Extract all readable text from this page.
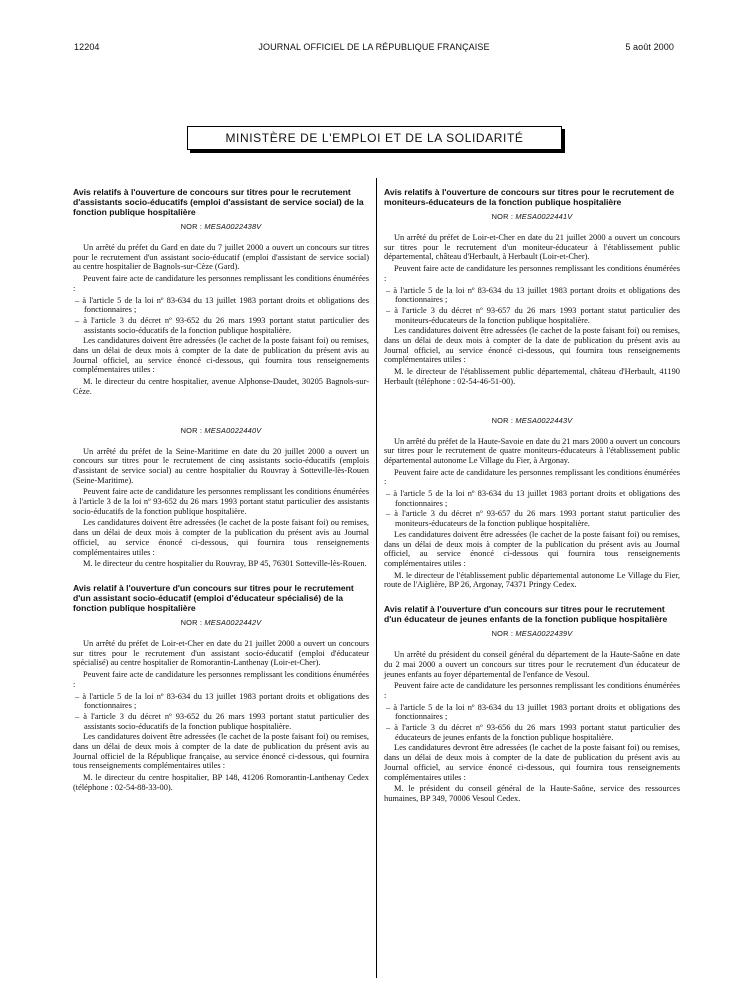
12204	JOURNAL OFFICIEL DE LA RÉPUBLIQUE FRANÇAISE	5 août 2000
MINISTÈRE DE L'EMPLOI ET DE LA SOLIDARITÉ
Avis relatifs à l'ouverture de concours sur titres pour le recrutement d'assistants socio-éducatifs (emploi d'assistant de service social) de la fonction publique hospitalière
NOR : MESA0022438V

Un arrêté du préfet du Gard en date du 7 juillet 2000 a ouvert un concours sur titres pour le recrutement d'un assistant socio-éducatif (emploi d'assistant de service social) au centre hospitalier de Bagnols-sur-Cèze (Gard).

Peuvent faire acte de candidature les personnes remplissant les conditions énumérées :

– à l'article 5 de la loi nº 83-634 du 13 juillet 1983 portant droits et obligations des fonctionnaires ;

– à l'article 3 du décret nº 93-652 du 26 mars 1993 portant statut particulier des assistants socio-éducatifs de la fonction publique hospitalière.

Les candidatures doivent être adressées (le cachet de la poste faisant foi) ou remises, dans un délai de deux mois à compter de la date de publication du présent avis au Journal officiel, au service énoncé ci-dessous, qui fournira tous renseignements complémentaires utiles :

M. le directeur du centre hospitalier, avenue Alphonse-Daudet, 30205 Bagnols-sur-Cèze.

NOR : MESA0022440V

Un arrêté du préfet de la Seine-Maritime en date du 20 juillet 2000 a ouvert un concours sur titres pour le recrutement de cinq assistants socio-éducatifs (emplois d'assistant de service social) au centre hospitalier du Rouvray à Sotteville-lès-Rouen (Seine-Maritime).

Peuvent faire acte de candidature les personnes remplissant les conditions énumérées à l'article 3 de la loi nº 93-652 du 26 mars 1993 portant statut particulier des assistants socio-éducatifs de la fonction publique hospitalière.

Les candidatures doivent être adressées (le cachet de la poste faisant foi) ou remises, dans un délai de deux mois à compter de la publication du présent avis au Journal officiel, au service énoncé ci-dessous, qui fournira tous renseignements complémentaires utiles :

M. le directeur du centre hospitalier du Rouvray, BP 45, 76301 Sotteville-lès-Rouen.

Avis relatif à l'ouverture d'un concours sur titres pour le recrutement d'un assistant socio-éducatif (emploi d'éducateur spécialisé) de la fonction publique hospitalière
NOR : MESA0022442V

Un arrêté du préfet de Loir-et-Cher en date du 21 juillet 2000 a ouvert un concours sur titres pour le recrutement d'un assistant socio-éducatif (emploi d'éducateur spécialisé) au centre hospitalier de Romorantin-Lanthenay (Loir-et-Cher).

Peuvent faire acte de candidature les personnes remplissant les conditions énumérées :

– à l'article 5 de la loi nº 83-634 du 13 juillet 1983 portant droits et obligations des fonctionnaires ;

– à l'article 3 du décret nº 93-652 du 26 mars 1993 portant statut particulier des assistants socio-éducatifs de la fonction publique hospitalière.

Les candidatures doivent être adressées (le cachet de la poste faisant foi) ou remises, dans un délai de deux mois à compter de la date de publication du présent avis au Journal officiel de la République française, au service énoncé ci-dessous, qui fournira tous renseignements complémentaires utiles :

M. le directeur du centre hospitalier, BP 148, 41206 Romorantin-Lanthenay Cedex (téléphone : 02-54-88-33-00).

Avis relatifs à l'ouverture de concours sur titres pour le recrutement de moniteurs-éducateurs de la fonction publique hospitalière
NOR : MESA0022441V

Un arrêté du préfet de Loir-et-Cher en date du 21 juillet 2000 a ouvert un concours sur titres pour le recrutement d'un moniteur-éducateur à l'établissement public départemental, château d'Herbault, à Herbault (Loir-et-Cher).

Peuvent faire acte de candidature les personnes remplissant les conditions énumérées :

– à l'article 5 de la loi nº 83-634 du 13 juillet 1983 portant droits et obligations des fonctionnaires ;

– à l'article 3 du décret nº 93-657 du 26 mars 1993 portant statut particulier des moniteurs-éducateurs de la fonction publique hospitalière.

Les candidatures doivent être adressées (le cachet de la poste faisant foi) ou remises, dans un délai de deux mois à compter de la date de publication du présent avis au Journal officiel, au service énoncé ci-dessous, qui fournira tous renseignements complémentaires utiles :

M. le directeur de l'établissement public départemental, château d'Herbault, 41190 Herbault (téléphone : 02-54-46-51-00).

NOR : MESA0022443V

Un arrêté du préfet de la Haute-Savoie en date du 21 mars 2000 a ouvert un concours sur titres pour le recrutement de quatre moniteurs-éducateurs à l'établissement public départemental autonome Le Village du Fier, à Argonay.

Peuvent faire acte de candidature les personnes remplissant les conditions énumérées :

– à l'article 5 de la loi nº 83-634 du 13 juillet 1983 portant droits et obligations des fonctionnaires ;

– à l'article 3 du décret nº 93-657 du 26 mars 1993 portant statut particulier des moniteurs-éducateurs de la fonction publique hospitalière.

Les candidatures doivent être adressées (le cachet de la poste faisant foi) ou remises, dans un délai de deux mois à compter de la publication du présent avis au Journal officiel, au service énoncé ci-dessous qui fournira tous renseignements complémentaires utiles :

M. le directeur de l'établissement public départemental autonome Le Village du Fier, route de l'Aiglière, BP 26, Argonay, 74371 Pringy Cedex.

Avis relatif à l'ouverture d'un concours sur titres pour le recrutement d'un éducateur de jeunes enfants de la fonction publique hospitalière
NOR : MESA0022439V

Un arrêté du président du conseil général du département de la Haute-Saône en date du 2 mai 2000 a ouvert un concours sur titres pour le recrutement d'un éducateur de jeunes enfants au foyer départemental de l'enfance de Vesoul.

Peuvent faire acte de candidature les personnes remplissant les conditions énumérées :

– à l'article 5 de la loi nº 83-634 du 13 juillet 1983 portant droits et obligations des fonctionnaires ;

– à l'article 3 du décret nº 93-656 du 26 mars 1993 portant statut particulier des éducateurs de jeunes enfants de la fonction publique hospitalière.

Les candidatures devront être adressées (le cachet de la poste faisant foi) ou remises, dans un délai de deux mois à compter de la date de publication du présent avis au Journal officiel, au service énoncé ci-dessous, qui fournira tous renseignements complémentaires utiles :

M. le président du conseil général de la Haute-Saône, service des ressources humaines, BP 349, 70006 Vesoul Cedex.
